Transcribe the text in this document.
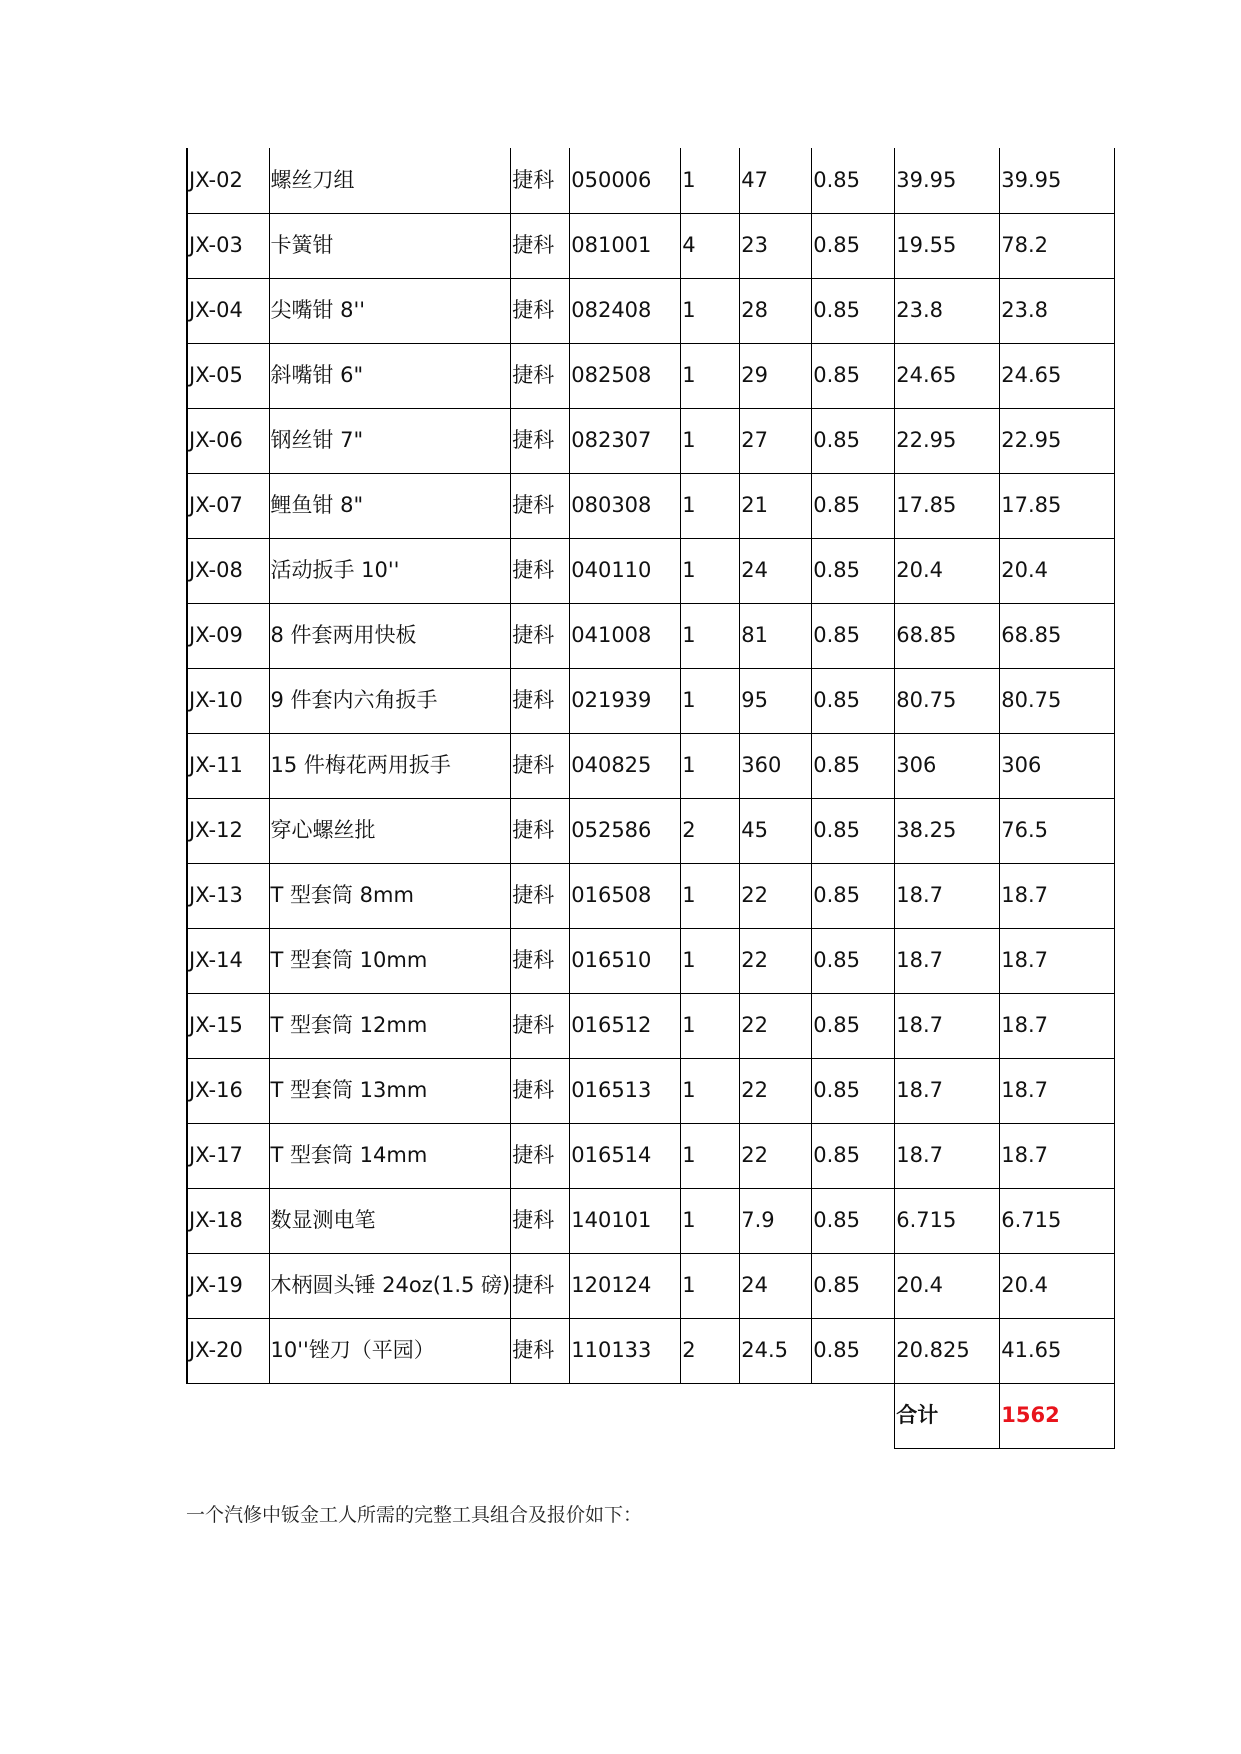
JX-02	螺丝刀组	捷科	050006	1	47	0.85	39.95	39.95
JX-03	卡簧钳	捷科	081001	4	23	0.85	19.55	78.2
JX-04	尖嘴钳 8''	捷科	082408	1	28	0.85	23.8	23.8
JX-05	斜嘴钳 6"	捷科	082508	1	29	0.85	24.65	24.65
JX-06	钢丝钳 7"	捷科	082307	1	27	0.85	22.95	22.95
JX-07	鲤鱼钳 8"	捷科	080308	1	21	0.85	17.85	17.85
JX-08	活动扳手 10''	捷科	040110	1	24	0.85	20.4	20.4
JX-09	8 件套两用快板	捷科	041008	1	81	0.85	68.85	68.85
JX-10	9 件套内六角扳手	捷科	021939	1	95	0.85	80.75	80.75
JX-11	15 件梅花两用扳手	捷科	040825	1	360	0.85	306	306
JX-12	穿心螺丝批	捷科	052586	2	45	0.85	38.25	76.5
JX-13	T 型套筒 8mm	捷科	016508	1	22	0.85	18.7	18.7
JX-14	T 型套筒 10mm	捷科	016510	1	22	0.85	18.7	18.7
JX-15	T 型套筒 12mm	捷科	016512	1	22	0.85	18.7	18.7
JX-16	T 型套筒 13mm	捷科	016513	1	22	0.85	18.7	18.7
JX-17	T 型套筒 14mm	捷科	016514	1	22	0.85	18.7	18.7
JX-18	数显测电笔	捷科	140101	1	7.9	0.85	6.715	6.715
JX-19	木柄圆头锤 24oz(1.5 磅)	捷科	120124	1	24	0.85	20.4	20.4
JX-20	10''锉刀（平园）	捷科	110133	2	24.5	0.85	20.825	41.65
							合计	1562
一个汽修中钣金工人所需的完整工具组合及报价如下：
